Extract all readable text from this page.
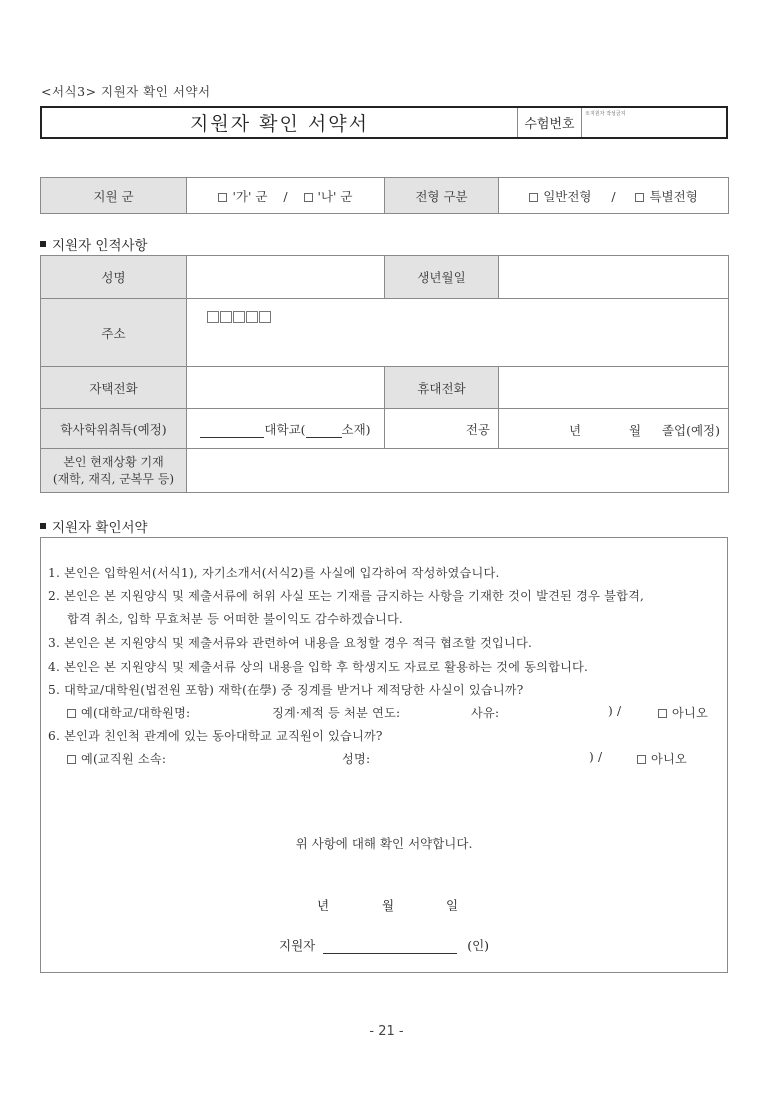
<서식3> 지원자 확인 서약서
지원자 확인 서약서	수험번호
※지원자 작성금지
지원 군	'가' 군 / '나' 군	전형 구분	일반전형 /	특별전형
지원자 인적사항
성명		생년월일	
주소			

자택전화		휴대전화	
학사학위취득(예정)	대학교( 소재)	전공	년 월 졸업(예정)

본인 현재상황 기재
(재학, 재직, 군복무 등)			

지원자 확인서약
1. 본인은 입학원서(서식1), 자기소개서(서식2)를 사실에 입각하여 작성하였습니다.
2. 본인은 본 지원양식 및 제출서류에 허위 사실 또는 기재를 금지하는 사항을 기재한 것이 발견된 경우 불합격,
합격 취소, 입학 무효처분 등 어떠한 불이익도 감수하겠습니다.
3. 본인은 본 지원양식 및 제출서류와 관련하여 내용을 요청할 경우 적극 협조할 것입니다.
4. 본인은 본 지원양식 및 제출서류 상의 내용을 입학 후 학생지도 자료로 활용하는 것에 동의합니다.
5. 대학교/대학원(법전원 포함) 재학(在學) 중 징계를 받거나 제적당한 사실이 있습니까?
예(대학교/대학원명:	징계·제적 등 처분 연도:	사유:	) /	아니오
6. 본인과 친인척 관계에 있는 동아대학교 교직원이 있습니까?
예(교직원 소속:	성명:	) /	아니오
위 사항에 대해 확인 서약합니다.
년	월	일
지원자	(인)
- 21 -
